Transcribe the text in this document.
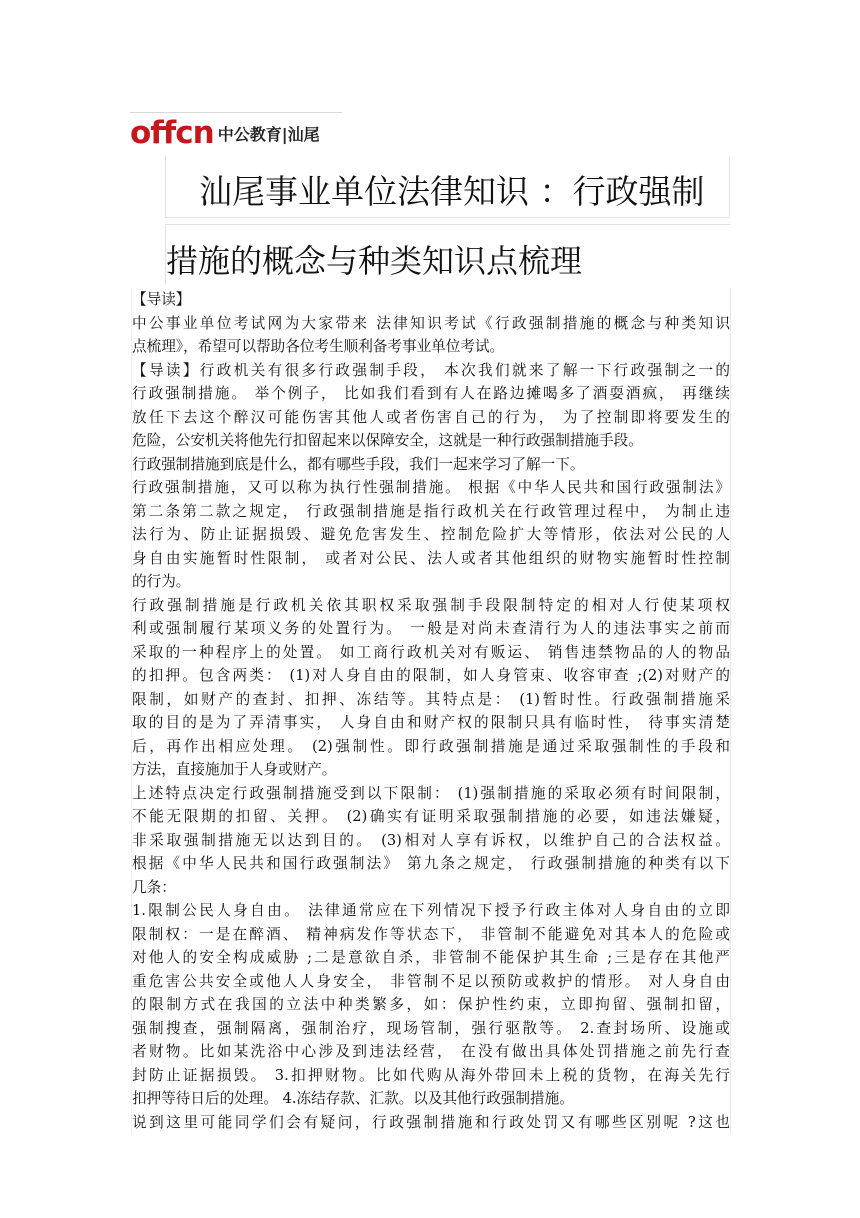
offcn 中公教育|汕尾
汕尾事业单位法律知识 ：行政强制
措施的概念与种类知识点梳理

【导读】

中公事业单位考试网为大家带来 法律知识考试《行政强制措施的概念与种类知识

点梳理》，希望可以帮助各位考生顺利备考事业单位考试。

【导读】行政机关有很多行政强制手段， 本次我们就来了解一下行政强制之一的

行政强制措施。 举个例子， 比如我们看到有人在路边摊喝多了酒耍酒疯， 再继续

放任下去这个醉汉可能伤害其他人或者伤害自己的行为， 为了控制即将要发生的

危险，公安机关将他先行扣留起来以保障安全，这就是一种行政强制措施手段。

行政强制措施到底是什么，都有哪些手段，我们一起来学习了解一下。

行政强制措施，又可以称为执行性强制措施。 根据《中华人民共和国行政强制法》

第二条第二款之规定， 行政强制措施是指行政机关在行政管理过程中， 为制止违

法行为、防止证据损毁、避免危害发生、控制危险扩大等情形，依法对公民的人

身自由实施暂时性限制， 或者对公民、法人或者其他组织的财物实施暂时性控制

的行为。

行政强制措施是行政机关依其职权采取强制手段限制特定的相对人行使某项权

利或强制履行某项义务的处置行为。 一般是对尚未查清行为人的违法事实之前而

采取的一种程序上的处置。 如工商行政机关对有贩运、 销售违禁物品的人的物品

的扣押。包含两类： (1)对人身自由的限制，如人身管束、收容审查 ;(2)对财产的

限制，如财产的查封、扣押、冻结等。其特点是： (1)暂时性。行政强制措施采

取的目的是为了弄清事实， 人身自由和财产权的限制只具有临时性， 待事实清楚

后，再作出相应处理。 (2)强制性。即行政强制措施是通过采取强制性的手段和

方法，直接施加于人身或财产。

上述特点决定行政强制措施受到以下限制： (1)强制措施的采取必须有时间限制，

不能无限期的扣留、关押。 (2)确实有证明采取强制措施的必要，如违法嫌疑，

非采取强制措施无以达到目的。 (3)相对人享有诉权，以维护自己的合法权益。

根据《中华人民共和国行政强制法》 第九条之规定， 行政强制措施的种类有以下

几条：

1.限制公民人身自由。 法律通常应在下列情况下授予行政主体对人身自由的立即

限制权：一是在醉酒、 精神病发作等状态下， 非管制不能避免对其本人的危险或

对他人的安全构成威胁 ;二是意欲自杀，非管制不能保护其生命 ;三是存在其他严

重危害公共安全或他人人身安全， 非管制不足以预防或救护的情形。 对人身自由

的限制方式在我国的立法中种类繁多，如：保护性约束，立即拘留、强制扣留，

强制搜查，强制隔离，强制治疗，现场管制，强行驱散等。 2.查封场所、设施或

者财物。比如某洗浴中心涉及到违法经营， 在没有做出具体处罚措施之前先行查

封防止证据损毁。 3.扣押财物。比如代购从海外带回未上税的货物，在海关先行

扣押等待日后的处理。 4.冻结存款、汇款。以及其他行政强制措施。

说到这里可能同学们会有疑问，行政强制措施和行政处罚又有哪些区别呢 ?这也
